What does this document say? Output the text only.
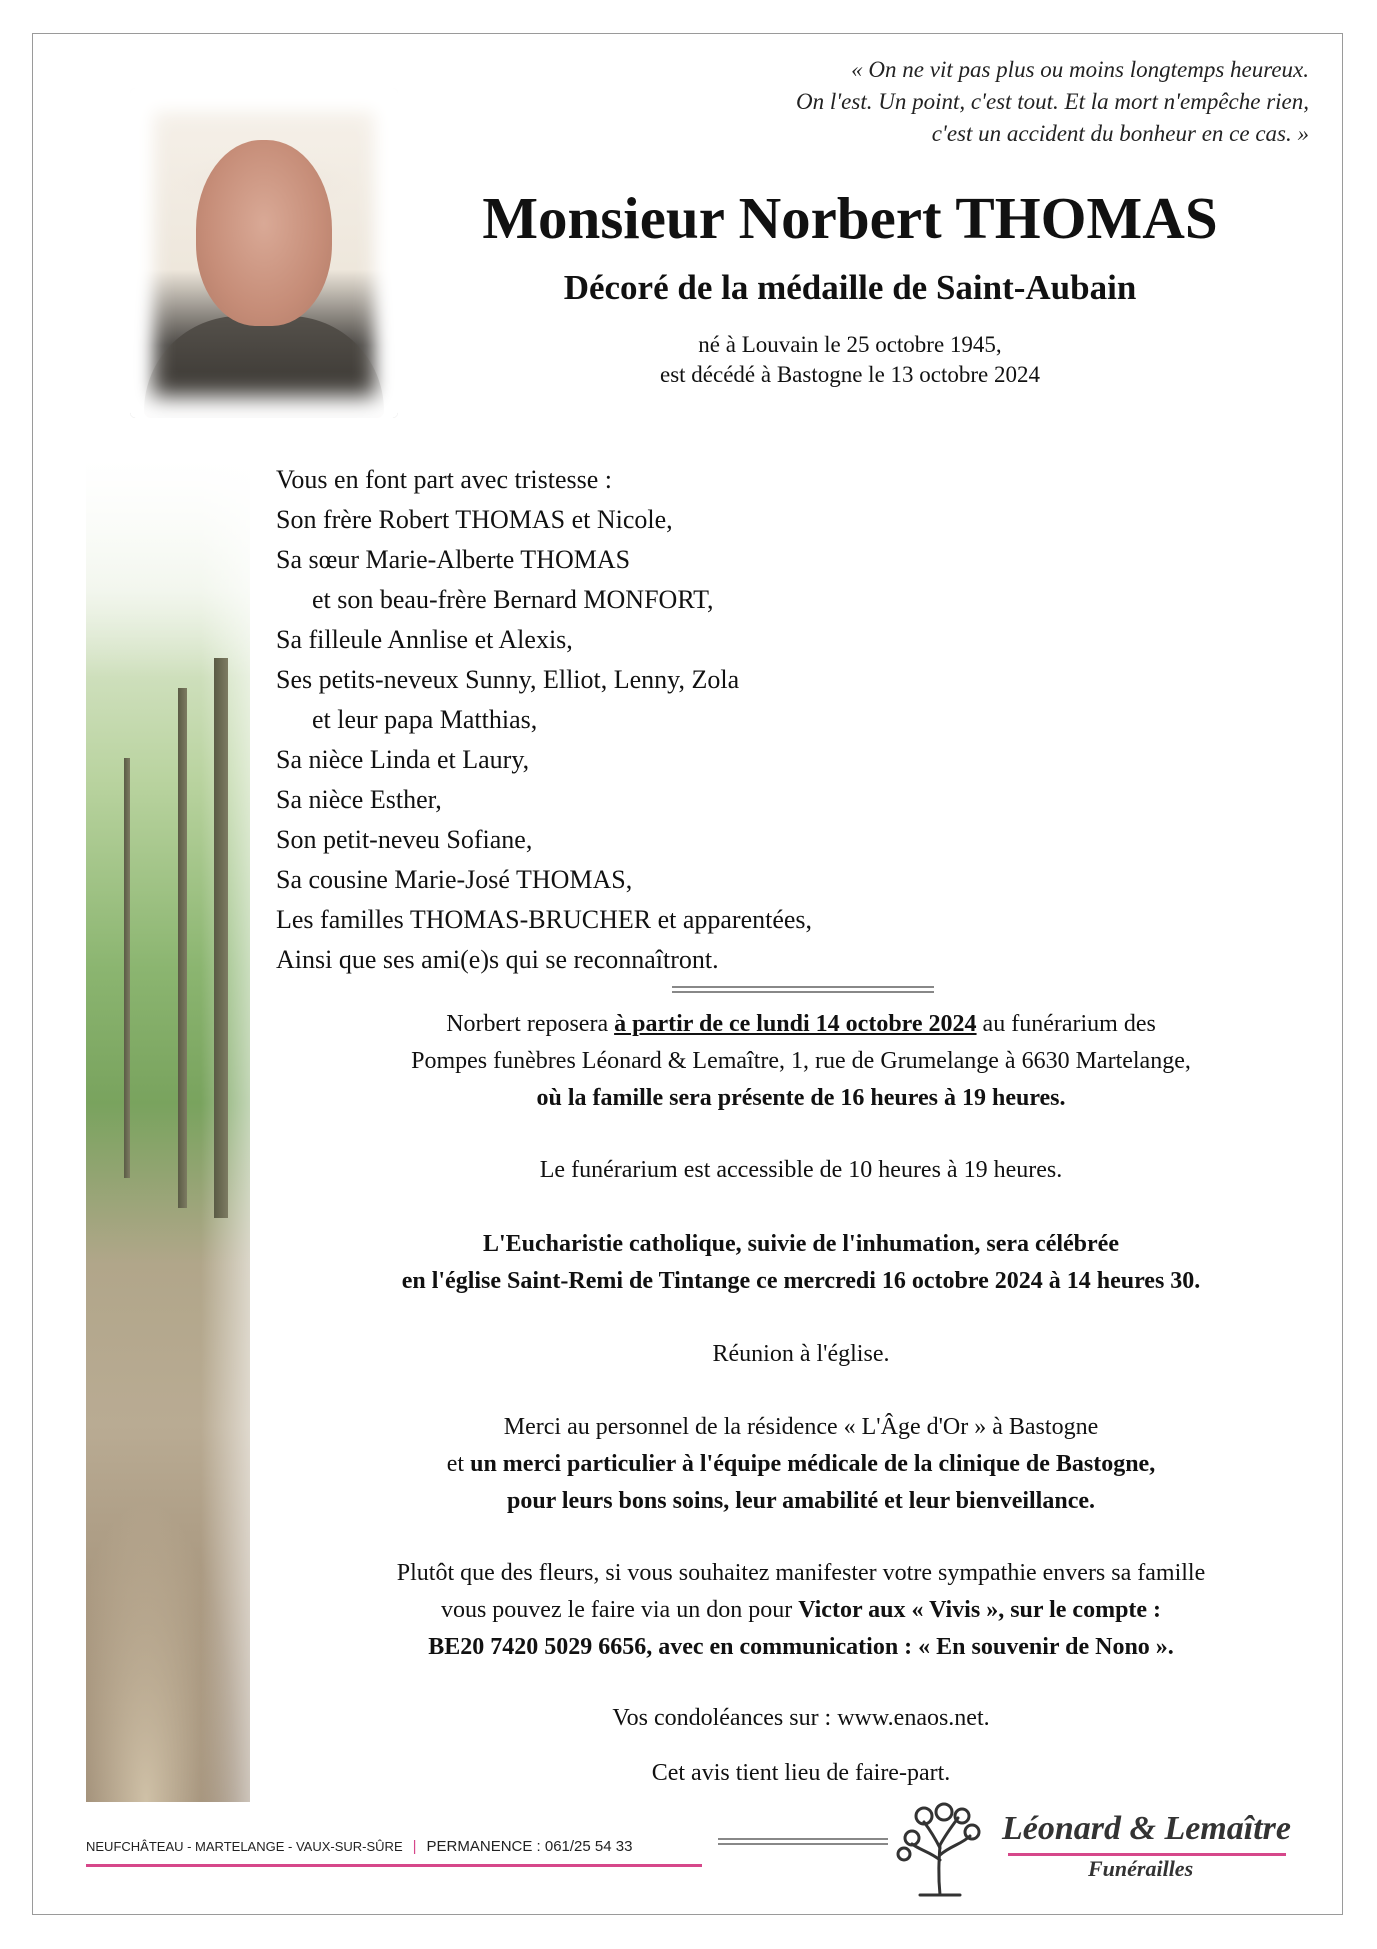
« On ne vit pas plus ou moins longtemps heureux.
On l'est. Un point, c'est tout. Et la mort n'empêche rien,
c'est un accident du bonheur en ce cas. »
Monsieur Norbert THOMAS
Décoré de la médaille de Saint-Aubain
né à Louvain le 25 octobre 1945,
est décédé à Bastogne le 13 octobre 2024
Vous en font part avec tristesse :
Son frère Robert THOMAS et Nicole,
Sa sœur Marie-Alberte THOMAS
et son beau-frère Bernard MONFORT,
Sa filleule Annlise et Alexis,
Ses petits-neveux Sunny, Elliot, Lenny, Zola
et leur papa Matthias,
Sa nièce Linda et Laury,
Sa nièce Esther,
Son petit-neveu Sofiane,
Sa cousine Marie-José THOMAS,
Les familles THOMAS-BRUCHER et apparentées,
Ainsi que ses ami(e)s qui se reconnaîtront.
Norbert reposera à partir de ce lundi 14 octobre 2024 au funérarium des
Pompes funèbres Léonard & Lemaître, 1, rue de Grumelange à 6630 Martelange,
où la famille sera présente de 16 heures à 19 heures.
Le funérarium est accessible de 10 heures à 19 heures.
L'Eucharistie catholique, suivie de l'inhumation, sera célébrée
en l'église Saint-Remi de Tintange ce mercredi 16 octobre 2024 à 14 heures 30.
Réunion à l'église.
Merci au personnel de la résidence « L'Âge d'Or » à Bastogne
et un merci particulier à l'équipe médicale de la clinique de Bastogne,
pour leurs bons soins, leur amabilité et leur bienveillance.
Plutôt que des fleurs, si vous souhaitez manifester votre sympathie envers sa famille
vous pouvez le faire via un don pour Victor aux « Vivis », sur le compte :
BE20 7420 5029 6656, avec en communication : « En souvenir de Nono ».
Vos condoléances sur : www.enaos.net.
Cet avis tient lieu de faire-part.
NEUFCHÂTEAU - MARTELANGE - VAUX-SUR-SÛRE | PERMANENCE : 061/25 54 33	Léonard & Lemaître
Funérailles
